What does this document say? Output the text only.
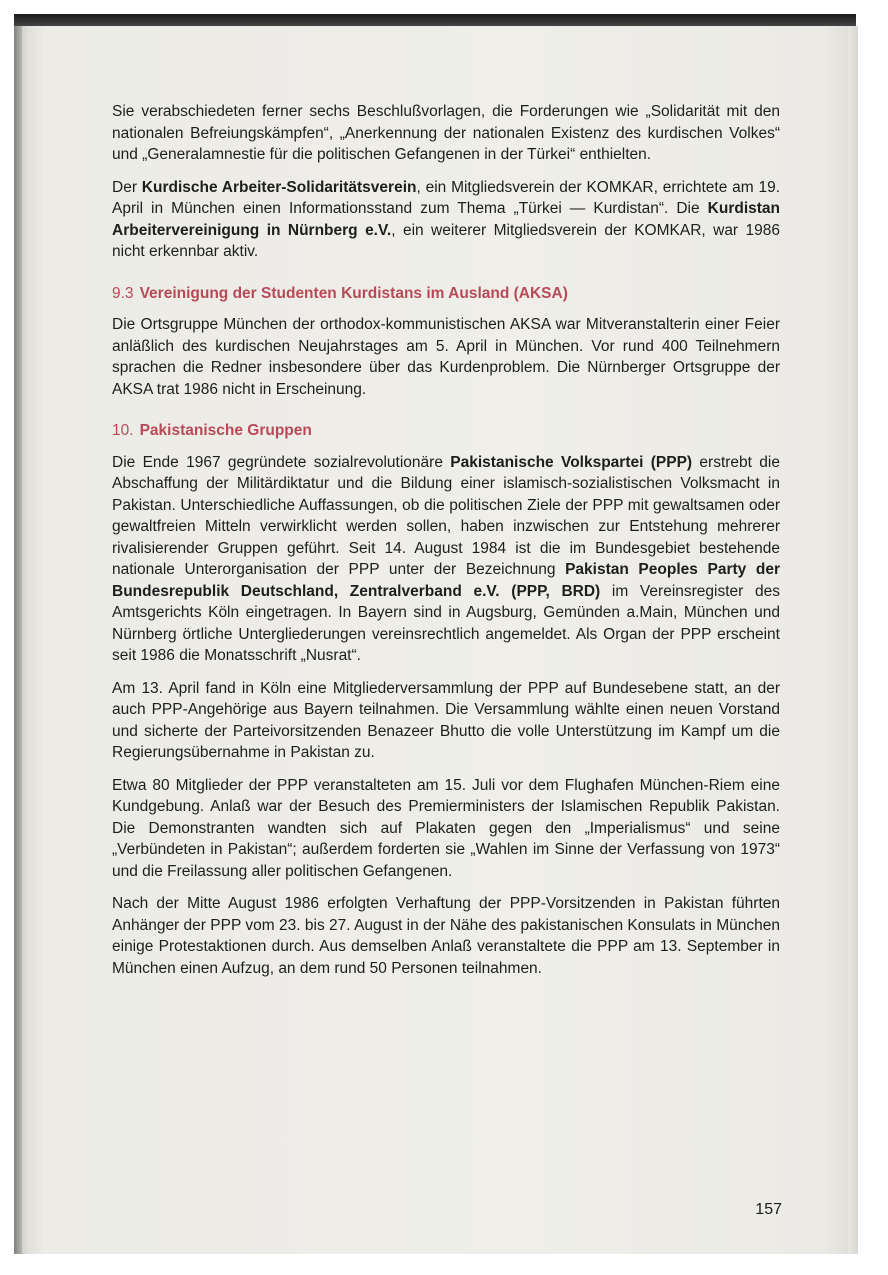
Sie verabschiedeten ferner sechs Beschlußvorlagen, die Forderungen wie „Solidarität mit den nationalen Befreiungskämpfen“, „Anerkennung der nationalen Existenz des kurdischen Volkes“ und „Generalamnestie für die politischen Gefangenen in der Türkei“ enthielten.

Der Kurdische Arbeiter-Solidaritätsverein, ein Mitgliedsverein der KOMKAR, errichtete am 19. April in München einen Informationsstand zum Thema „Türkei — Kurdistan“. Die Kurdistan Arbeitervereinigung in Nürnberg e.V., ein weiterer Mitgliedsverein der KOMKAR, war 1986 nicht erkennbar aktiv.

9.3 Vereinigung der Studenten Kurdistans im Ausland (AKSA)

Die Ortsgruppe München der orthodox-kommunistischen AKSA war Mitveranstalterin einer Feier anläßlich des kurdischen Neujahrstages am 5. April in München. Vor rund 400 Teilnehmern sprachen die Redner insbesondere über das Kurdenproblem. Die Nürnberger Ortsgruppe der AKSA trat 1986 nicht in Erscheinung.

10. Pakistanische Gruppen

Die Ende 1967 gegründete sozialrevolutionäre Pakistanische Volkspartei (PPP) erstrebt die Abschaffung der Militärdiktatur und die Bildung einer islamisch-sozialistischen Volksmacht in Pakistan. Unterschiedliche Auffassungen, ob die politischen Ziele der PPP mit gewaltsamen oder gewaltfreien Mitteln verwirklicht werden sollen, haben inzwischen zur Entstehung mehrerer rivalisierender Gruppen geführt. Seit 14. August 1984 ist die im Bundesgebiet bestehende nationale Unterorganisation der PPP unter der Bezeichnung Pakistan Peoples Party der Bundesrepublik Deutschland, Zentralverband e.V. (PPP, BRD) im Vereinsregister des Amtsgerichts Köln eingetragen. In Bayern sind in Augsburg, Gemünden a.Main, München und Nürnberg örtliche Untergliederungen vereinsrechtlich angemeldet. Als Organ der PPP erscheint seit 1986 die Monatsschrift „Nusrat“.

Am 13. April fand in Köln eine Mitgliederversammlung der PPP auf Bundesebene statt, an der auch PPP-Angehörige aus Bayern teilnahmen. Die Versammlung wählte einen neuen Vorstand und sicherte der Parteivorsitzenden Benazeer Bhutto die volle Unterstützung im Kampf um die Regierungsübernahme in Pakistan zu.

Etwa 80 Mitglieder der PPP veranstalteten am 15. Juli vor dem Flughafen München-Riem eine Kundgebung. Anlaß war der Besuch des Premierministers der Islamischen Republik Pakistan. Die Demonstranten wandten sich auf Plakaten gegen den „Imperialismus“ und seine „Verbündeten in Pakistan“; außerdem forderten sie „Wahlen im Sinne der Verfassung von 1973“ und die Freilassung aller politischen Gefangenen.

Nach der Mitte August 1986 erfolgten Verhaftung der PPP-Vorsitzenden in Pakistan führten Anhänger der PPP vom 23. bis 27. August in der Nähe des pakistanischen Konsulats in München einige Protestaktionen durch. Aus demselben Anlaß veranstaltete die PPP am 13. September in München einen Aufzug, an dem rund 50 Personen teilnahmen.

157
